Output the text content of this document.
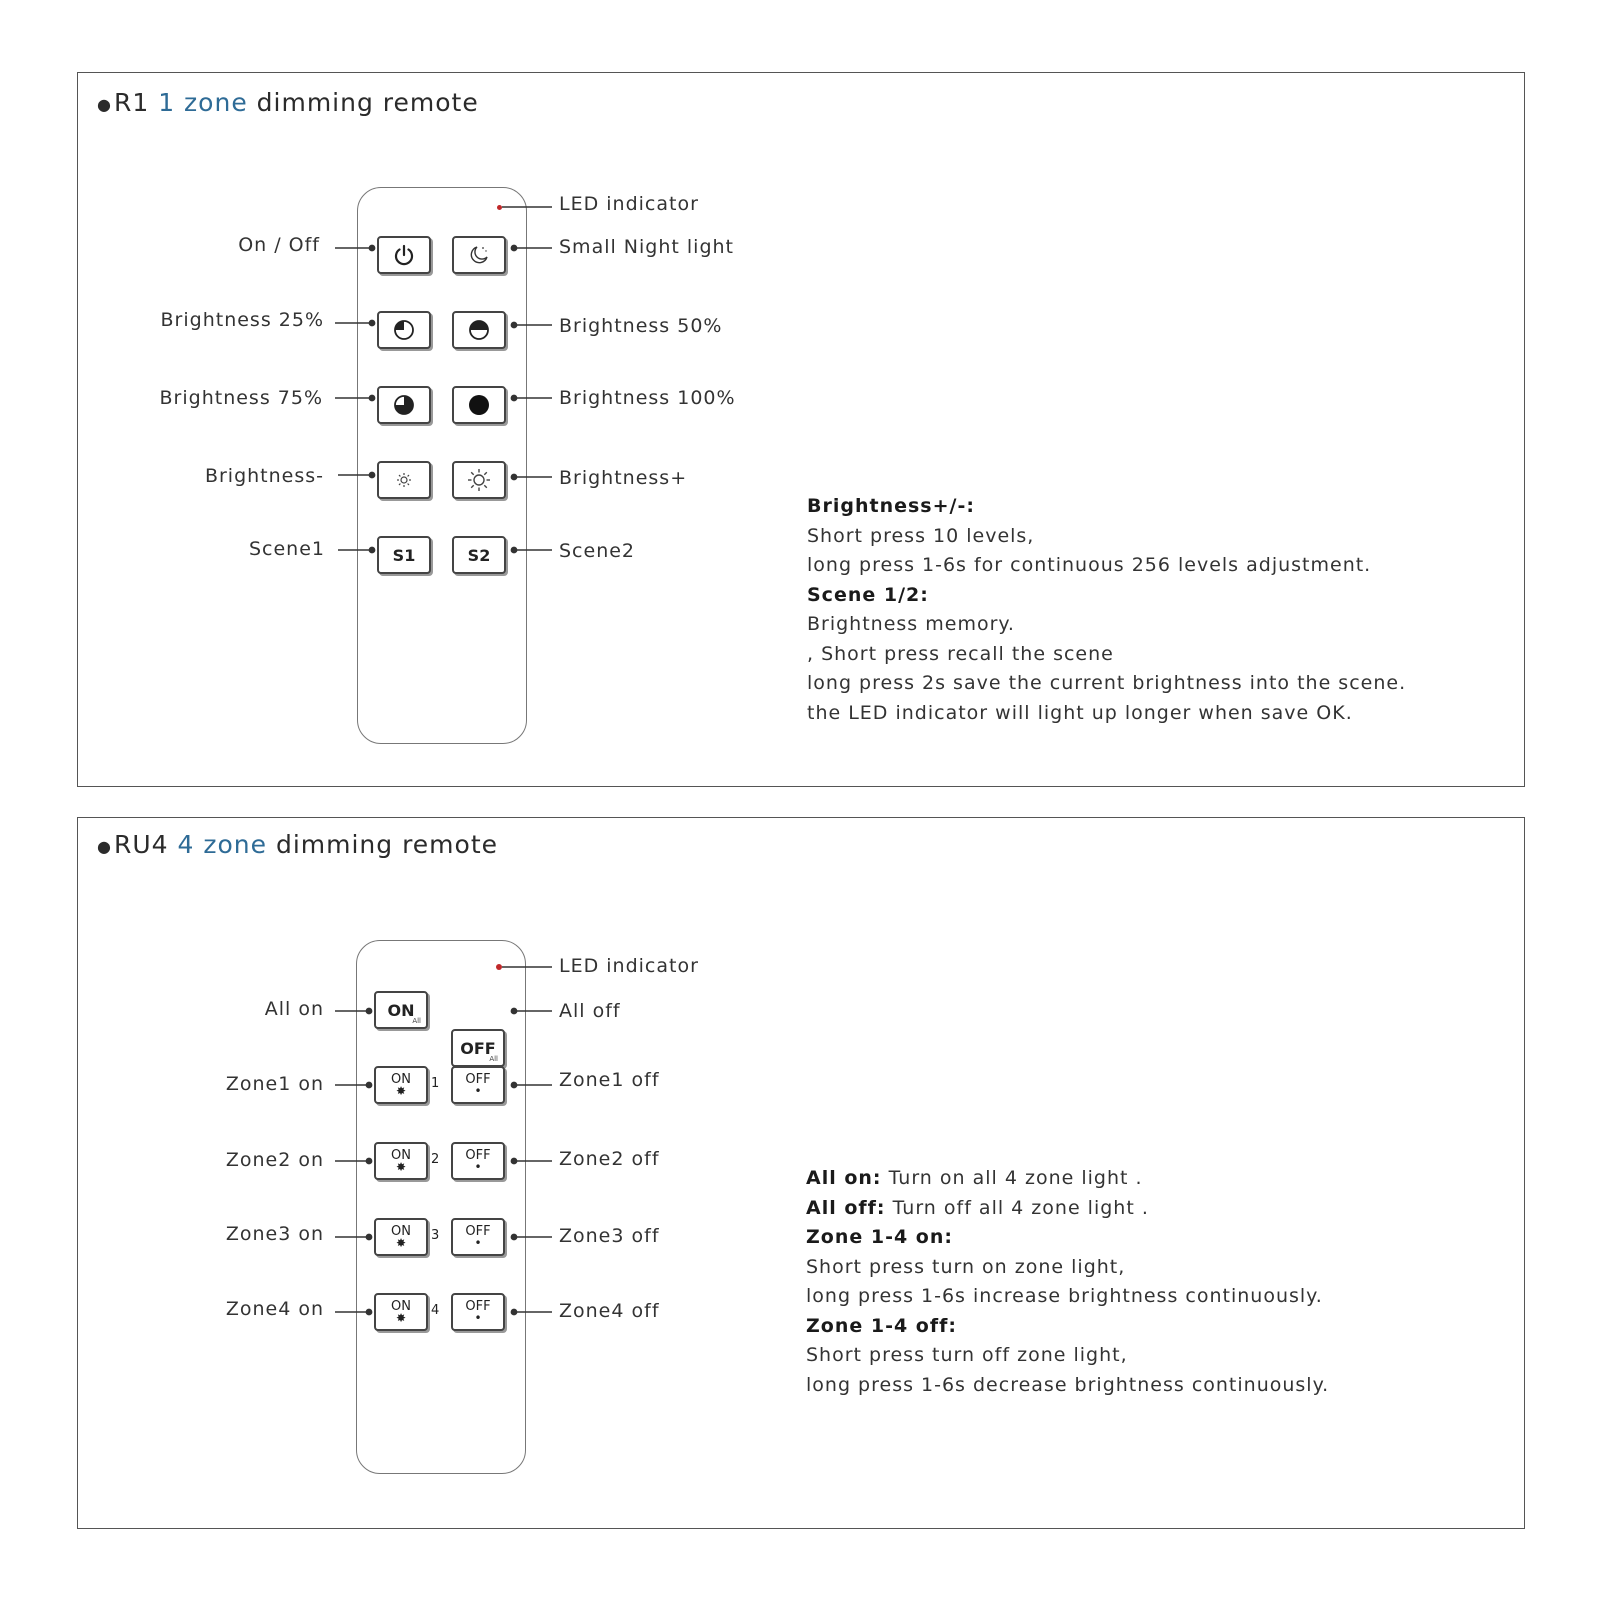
●R1 1 zone dimming remote
S1	S2
LED indicator
On / Off
Brightness 25%
Brightness 75%
Brightness-
Scene1
Small Night light
Brightness 50%
Brightness 100%
Brightness+
Scene2
Brightness+/-:
Short press 10 levels,
long press 1-6s for continuous 256 levels adjustment.
Scene 1/2:
Brightness memory.
, Short press recall the scene
long press 2s save the current brightness into the scene.
the LED indicator will light up longer when save OK.
●RU4 4 zone dimming remote
ON
All
OFF
All
ON
✸ 1 OFF
•
ON
✸ 2 OFF
•
ON
✸ 3 OFF
•
ON
✸ 4 OFF
•
LED indicator
All on
Zone1 on
Zone2 on
Zone3 on
Zone4 on
All off
Zone1 off
Zone2 off
Zone3 off
Zone4 off
All on: Turn on all 4 zone light .
All off: Turn off all 4 zone light .
Zone 1-4 on:
Short press turn on zone light,
long press 1-6s increase brightness continuously.
Zone 1-4 off:
Short press turn off zone light,
long press 1-6s decrease brightness continuously.
